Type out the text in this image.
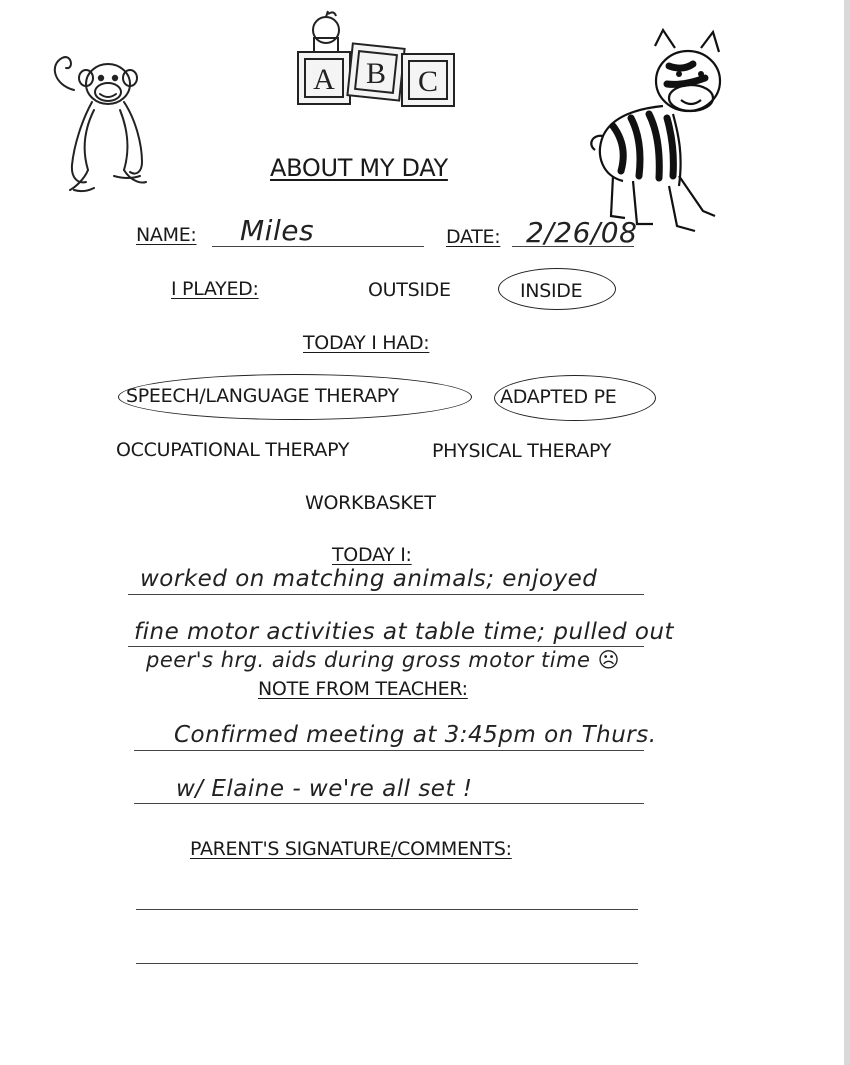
A B C
ABOUT MY DAY
NAME: Miles	DATE: 2/26/08
I PLAYED:	OUTSIDE	INSIDE
TODAY I HAD:
SPEECH/LANGUAGE THERAPY	ADAPTED PE
OCCUPATIONAL THERAPY	PHYSICAL THERAPY
WORKBASKET
TODAY I:
worked on matching animals; enjoyed
fine motor activities at table time; pulled out
peer's hrg. aids during gross motor time ☹
NOTE FROM TEACHER:
Confirmed meeting at 3:45pm on Thurs.
w/ Elaine - we're all set !
PARENT'S SIGNATURE/COMMENTS:
